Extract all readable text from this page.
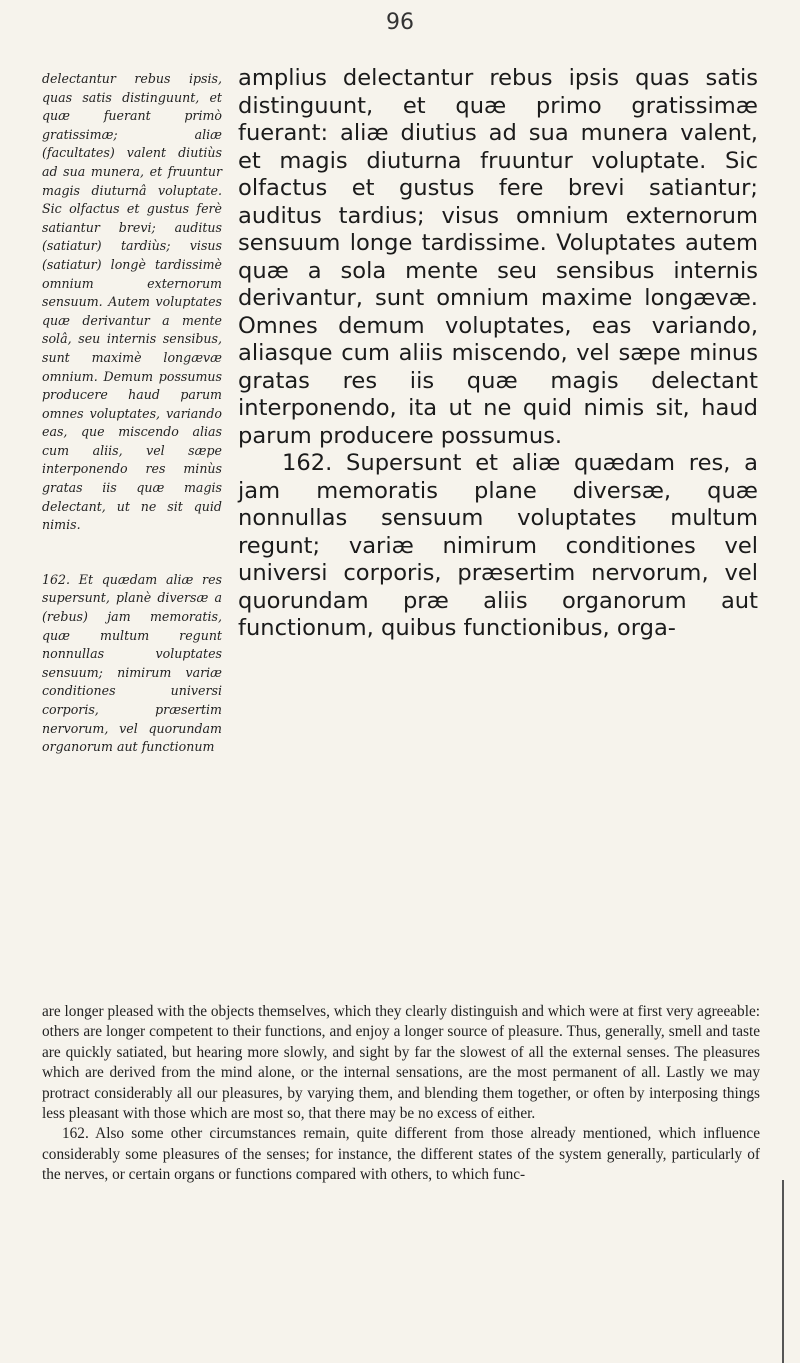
96

delectantur rebus ipsis, quas satis distinguunt, et quæ fuerant primò gratissimæ; aliæ (facultates) valent diutiùs ad sua munera, et fruuntur magis diuturnâ voluptate. Sic olfactus et gustus ferè satiantur brevi; auditus (satiatur) tardiùs; visus (satiatur) longè tardissimè omnium externorum sensuum. Autem voluptates quæ derivantur a mente solâ, seu internis sensibus, sunt maximè longævæ omnium. Demum possumus producere haud parum omnes voluptates, variando eas, que miscendo alias cum aliis, vel sæpe interponendo res minùs gratas iis quæ magis delectant, ut ne sit quid nimis.

162. Et quædam aliæ res supersunt, planè diversæ a (rebus) jam memoratis, quæ multum regunt nonnullas voluptates sensuum; nimirum variæ conditiones universi corporis, præsertim nervorum, vel quorundam organorum aut functionum

amplius delectantur rebus ipsis quas satis distinguunt, et quæ primo gratissimæ fuerant: aliæ diutius ad sua munera valent, et magis diuturna fruuntur voluptate. Sic olfactus et gustus fere brevi satiantur; auditus tardius; visus omnium externorum sensuum longe tardissime. Voluptates autem quæ a sola mente seu sensibus internis derivantur, sunt omnium maxime longævæ. Omnes demum voluptates, eas variando, aliasque cum aliis miscendo, vel sæpe minus gratas res iis quæ magis delectant interponendo, ita ut ne quid nimis sit, haud parum producere possumus.

162. Supersunt et aliæ quædam res, a jam memoratis plane diversæ, quæ nonnullas sensuum voluptates multum regunt; variæ nimirum conditiones vel universi corporis, præsertim nervorum, vel quorundam præ aliis organorum aut functionum, quibus functionibus, orga-

are longer pleased with the objects themselves, which they clearly distinguish and which were at first very agreeable: others are longer competent to their functions, and enjoy a longer source of pleasure. Thus, generally, smell and taste are quickly satiated, but hearing more slowly, and sight by far the slowest of all the external senses. The pleasures which are derived from the mind alone, or the internal sensations, are the most permanent of all. Lastly we may protract considerably all our pleasures, by varying them, and blending them together, or often by interposing things less pleasant with those which are most so, that there may be no excess of either.

162. Also some other circumstances remain, quite different from those already mentioned, which influence considerably some pleasures of the senses; for instance, the different states of the system generally, particularly of the nerves, or certain organs or functions compared with others, to which func-
